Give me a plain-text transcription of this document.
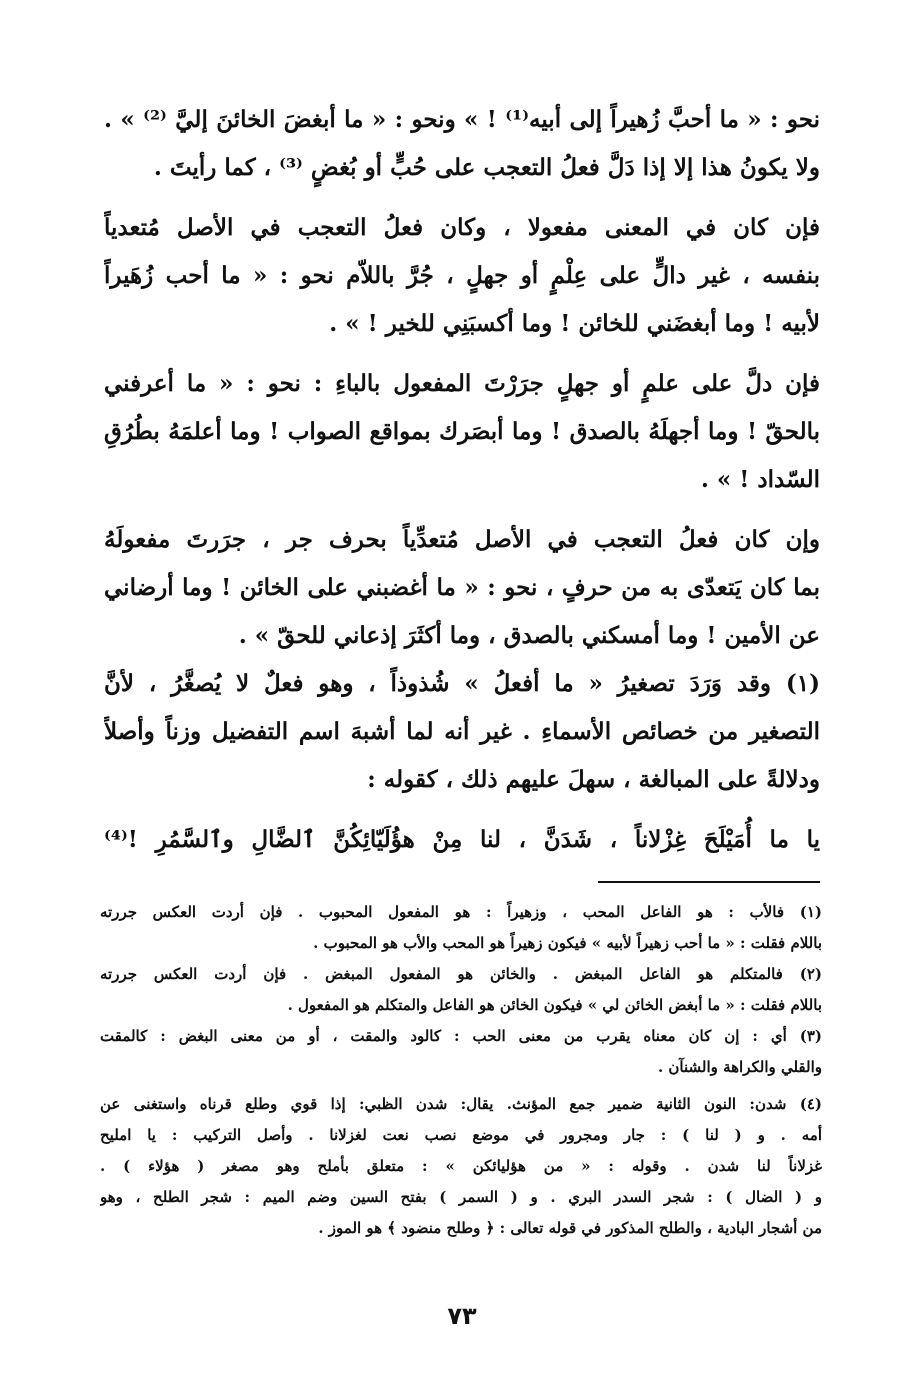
نحو : « ما أحبَّ زُهيراً إلى أبيه⁽¹⁾ ! » ونحو : « ما أبغضَ الخائنَ إليَّ ⁽²⁾ » .
ولا يكونُ هذا إلا إذا دَلَّ فعلُ التعجب على حُبٍّ أو بُغضٍ ⁽³⁾ ، كما رأيتَ .
فإن كان في المعنى مفعولا ، وكان فعلُ التعجب في الأصل مُتعدياً
بنفسه ، غير دالٍّ على عِلْمٍ أو جهلٍ ، جُرَّ باللاّم نحو : « ما أحب زُهَيراً
لأبيه ! وما أبغضَني للخائن ! وما أكسبَنِي للخير ! » .
فإن دلَّ على علمٍ أو جهلٍ جرَرْتَ المفعول بالباءِ : نحو : « ما أعرفني
بالحقّ ! وما أجهلَهُ بالصدق ! وما أبصَرك بمواقع الصواب ! وما أعلمَهُ بطُرُقِ
السّداد ! » .
وإن كان فعلُ التعجب في الأصل مُتعدِّياً بحرف جر ، جرَرتَ مفعولَهُ
بما كان يَتعدّى به من حرفٍ ، نحو : « ما أغضبني على الخائن ! وما أرضاني
عن الأمين ! وما أمسكني بالصدق ، وما أكثَرَ إذعاني للحقّ » .
(١) وقد وَرَدَ تصغيرُ « ما أفعلُ » شُذوذاً ، وهو فعلٌ لا يُصغَّرُ ، لأنَّ
التصغير من خصائص الأسماءِ . غير أنه لما أشبهَ اسم التفضيل وزناً وأصلاً
ودلالةً على المبالغة ، سهلَ عليهم ذلك ، كقوله :
يا ما أُمَيْلَحَ غِزْلاناً ، شَدَنَّ ، لنا مِنْ هؤُلَيّائِكُنَّ ٱلضَّالِ وٱلسَّمُرِ !⁽⁴⁾
(١) فالأب : هو الفاعل المحب ، وزهيراً : هو المفعول المحبوب . فإن أردت العكس جررته
باللام فقلت : « ما أحب زهيراً لأبيه » فيكون زهيراً هو المحب والأب هو المحبوب .
(٢) فالمتكلم هو الفاعل المبغض . والخائن هو المفعول المبغض . فإن أردت العكس جررته
باللام فقلت : « ما أبغض الخائن لي » فيكون الخائن هو الفاعل والمتكلم هو المفعول .
(٣) أي : إن كان معناه يقرب من معنى الحب : كالود والمقت ، أو من معنى البغض : كالمقت
والقلي والكراهة والشنآن .
(٤) شدن: النون الثانية ضمير جمع المؤنث. يقال: شدن الظبي: إذا قوي وطلع قرناه واستغنى عن
أمه . و ( لنا ) : جار ومجرور في موضع نصب نعت لغزلانا . وأصل التركيب : يا امليح
غزلاناً لنا شدن . وقوله : « من هؤليائكن » : متعلق بأملح وهو مصغر ( هؤلاء ) .
و ( الضال ) : شجر السدر البري . و ( السمر ) بفتح السين وضم الميم : شجر الطلح ، وهو
من أشجار البادية ، والطلح المذكور في قوله تعالى : ﴿ وطلح منضود ﴾ هو الموز .
٧٣
